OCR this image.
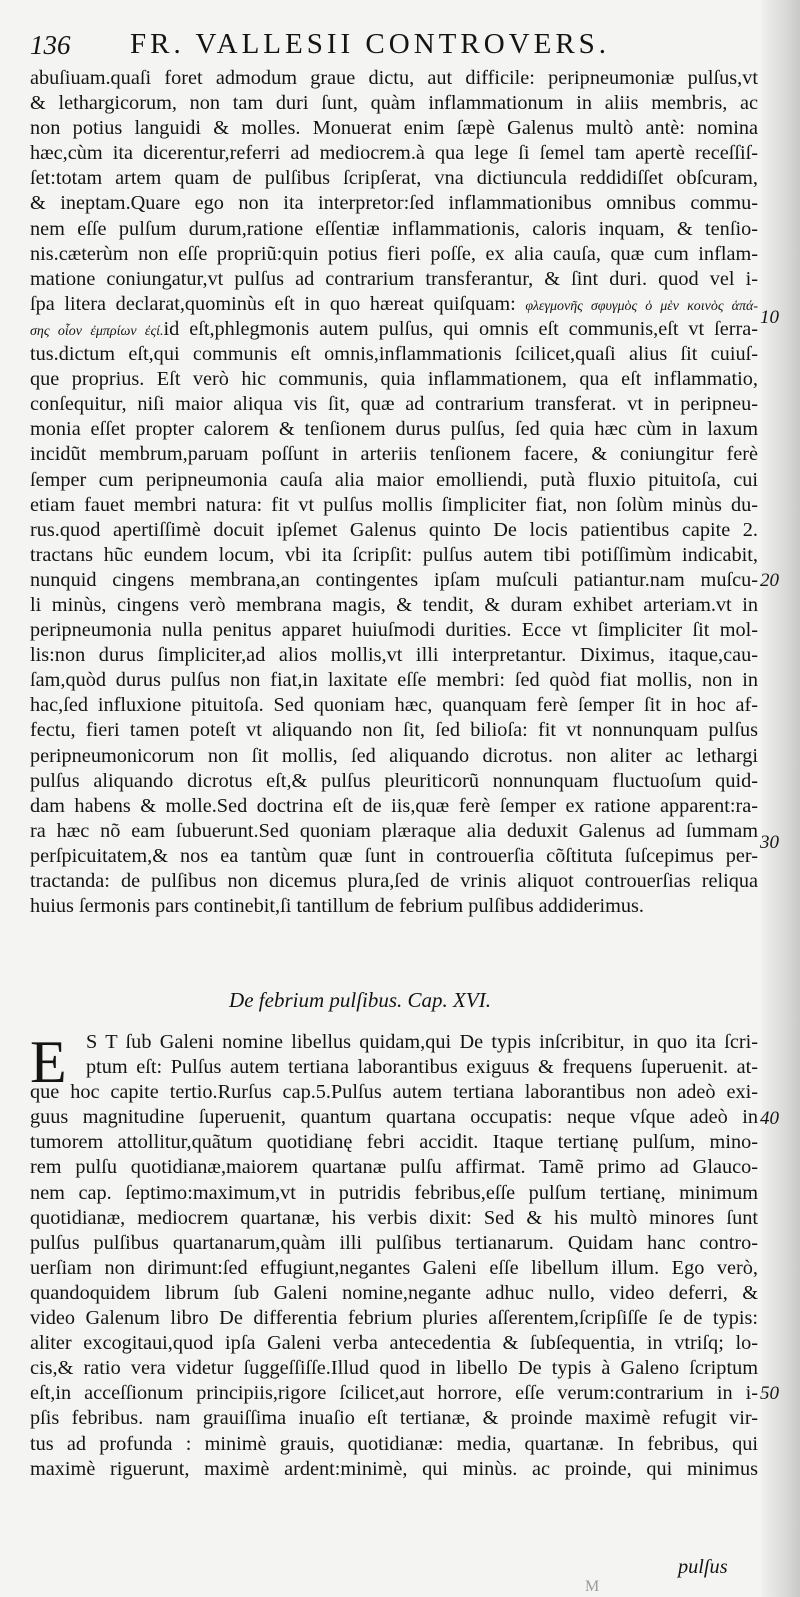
136 FR. VALLESII CONTROVERS.
abuſiuam.quaſi foret admodum graue dictu, aut difficile: peripneumoniæ pulſus,vt
& lethargicorum, non tam duri ſunt, quàm inflammationum in aliis membris, ac
non potius languidi & molles. Monuerat enim ſæpè Galenus multò antè: nomina
hæc,cùm ita dicerentur,referri ad mediocrem.à qua lege ſi ſemel tam apertè receſſiſ-
ſet:totam artem quam de pulſibus ſcripſerat, vna dictiuncula reddidiſſet obſcuram,
& ineptam.Quare ego non ita interpretor:ſed inflammationibus omnibus commu-
nem eſſe pulſum durum,ratione eſſentiæ inflammationis, caloris inquam, & tenſio-
nis.cæterùm non eſſe propriũ:quin potius fieri poſſe, ex alia cauſa, quæ cum inflam-
matione coniungatur,vt pulſus ad contrarium transferantur, & ſint duri. quod vel i-
ſpa litera declarat,quominùs eſt in quo hæreat quiſquam: φλεγμονῆς σφυγμὸς ὁ μὲν κοινὸς ἁπά-
σης οἷον ἐμπρίων ἐςί.id eſt,phlegmonis autem pulſus, qui omnis eſt communis,eſt vt ſerra-
tus.dictum eſt,qui communis eſt omnis,inflammationis ſcilicet,quaſi alius ſit cuiuſ-
que proprius. Eſt verò hic communis, quia inflammationem, qua eſt inflammatio,
conſequitur, niſi maior aliqua vis ſit, quæ ad contrarium transferat. vt in peripneu-
monia eſſet propter calorem & tenſionem durus pulſus, ſed quia hæc cùm in laxum
incidũt membrum,paruam poſſunt in arteriis tenſionem facere, & coniungitur ferè
ſemper cum peripneumonia cauſa alia maior emolliendi, putà fluxio pituitoſa, cui
etiam fauet membri natura: fit vt pulſus mollis ſimpliciter fiat, non ſolùm minùs du-
rus.quod apertiſſimè docuit ipſemet Galenus quinto De locis patientibus capite 2.
tractans hũc eundem locum, vbi ita ſcripſit: pulſus autem tibi potiſſimùm indicabit,
nunquid cingens membrana,an contingentes ipſam muſculi patiantur.nam muſcu-
li minùs, cingens verò membrana magis, & tendit, & duram exhibet arteriam.vt in
peripneumonia nulla penitus apparet huiuſmodi durities. Ecce vt ſimpliciter ſit mol-
lis:non durus ſimpliciter,ad alios mollis,vt illi interpretantur. Diximus, itaque,cau-
ſam,quòd durus pulſus non fiat,in laxitate eſſe membri: ſed quòd fiat mollis, non in
hac,ſed influxione pituitoſa. Sed quoniam hæc, quanquam ferè ſemper ſit in hoc af-
fectu, fieri tamen poteſt vt aliquando non ſit, ſed bilioſa: fit vt nonnunquam pulſus
peripneumonicorum non ſit mollis, ſed aliquando dicrotus. non aliter ac lethargi
pulſus aliquando dicrotus eſt,& pulſus pleuriticorũ nonnunquam fluctuoſum quid-
dam habens & molle.Sed doctrina eſt de iis,quæ ferè ſemper ex ratione apparent:ra-
ra hæc nõ eam ſubuerunt.Sed quoniam plæraque alia deduxit Galenus ad ſummam
perſpicuitatem,& nos ea tantùm quæ ſunt in controuerſia cõſtituta ſuſcepimus per-
tractanda: de pulſibus non dicemus plura,ſed de vrinis aliquot controuerſias reliqua
huius ſermonis pars continebit,ſi tantillum de febrium pulſibus addiderimus.
10
20
30
40
50
De febrium pulſibus. Cap. XVI.
E S T ſub Galeni nomine libellus quidam,qui De typis inſcribitur, in quo ita ſcri-
ptum eſt: Pulſus autem tertiana laborantibus exiguus & frequens ſuperuenit. at-
que hoc capite tertio.Rurſus cap.5.Pulſus autem tertiana laborantibus non adeò exi-
guus magnitudine ſuperuenit, quantum quartana occupatis: neque vſque adeò in
tumorem attollitur,quãtum quotidianę febri accidit. Itaque tertianę pulſum, mino-
rem pulſu quotidianæ,maiorem quartanæ pulſu affirmat. Tamẽ primo ad Glauco-
nem cap. ſeptimo:maximum,vt in putridis febribus,eſſe pulſum tertianę, minimum
quotidianæ, mediocrem quartanæ, his verbis dixit: Sed & his multò minores ſunt
pulſus pulſibus quartanarum,quàm illi pulſibus tertianarum. Quidam hanc contro-
uerſiam non dirimunt:ſed effugiunt,negantes Galeni eſſe libellum illum. Ego verò,
quandoquidem librum ſub Galeni nomine,negante adhuc nullo, video deferri, &
video Galenum libro De differentia febrium pluries aſſerentem,ſcripſiſſe ſe de typis:
aliter excogitaui,quod ipſa Galeni verba antecedentia & ſubſequentia, in vtriſq; lo-
cis,& ratio vera videtur ſuggeſſiſſe.Illud quod in libello De typis à Galeno ſcriptum
eſt,in acceſſionum principiis,rigore ſcilicet,aut horrore, eſſe verum:contrarium in i-
pſis febribus. nam grauiſſima inuaſio eſt tertianæ, & proinde maximè refugit vir-
tus ad profunda : minimè grauis, quotidianæ: media, quartanæ. In febribus, qui
maximè riguerunt, maximè ardent:minimè, qui minùs. ac proinde, qui minimus
pulſus
M
